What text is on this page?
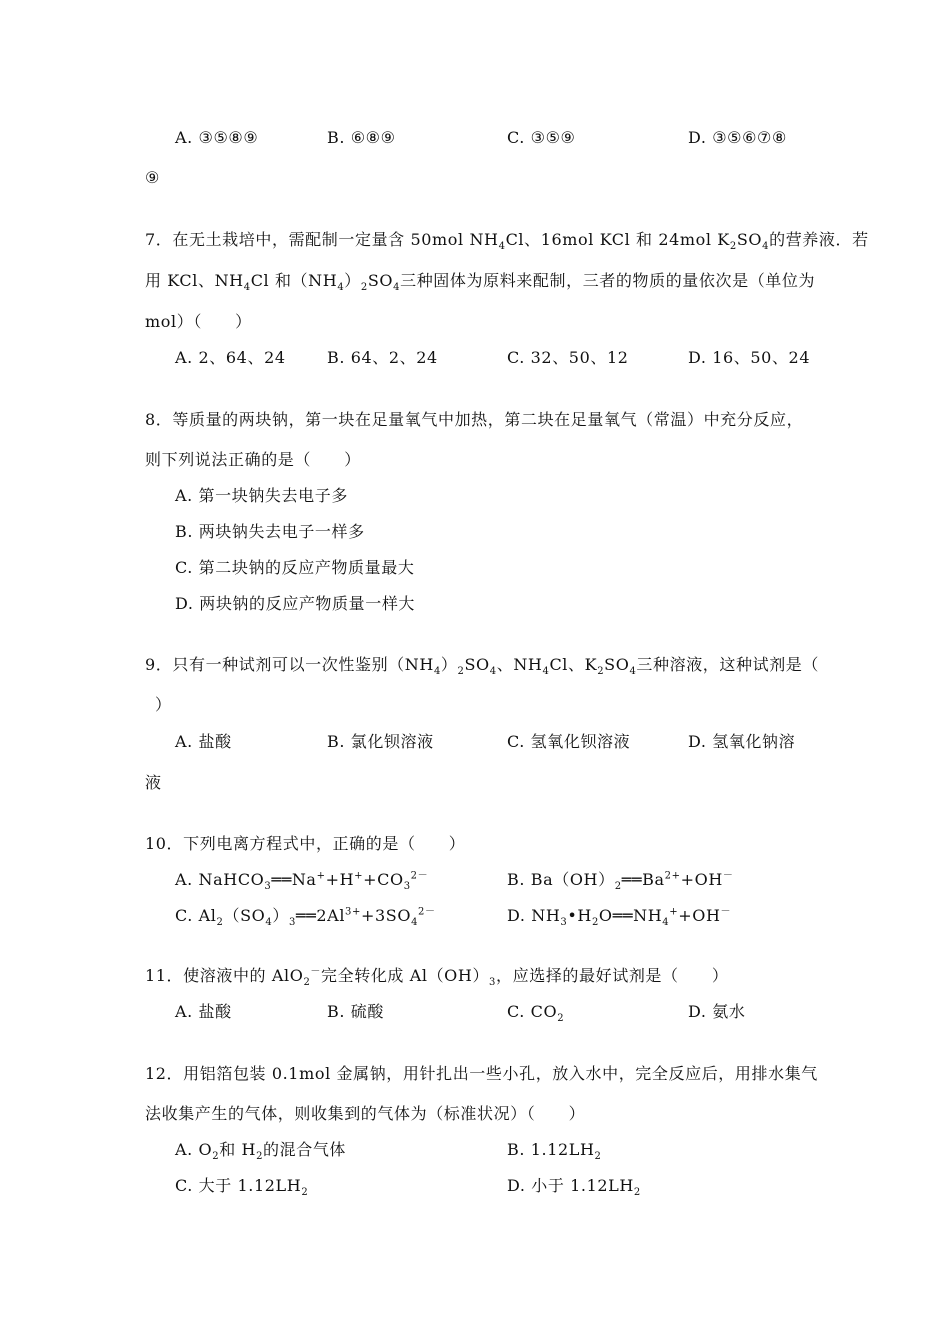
A. ③⑤⑧⑨	B. ⑥⑧⑨	C. ③⑤⑨	D. ③⑤⑥⑦⑧
⑨
7．在无土栽培中，需配制一定量含 50mol $NH_4Cl$、16mol KCl 和 24mol $K_2SO_4$的营养液．若
用 KCl、$NH_4Cl$ 和$(NH_4)_2SO_4$三种固体为原料来配制，三者的物质的量依次是（单位为
mol）（　　）
A. 2、64、24	B. 64、2、24	C. 32、50、12	D. 16、50、24
8．等质量的两块钠，第一块在足量氧气中加热，第二块在足量氧气（常温）中充分反应，
则下列说法正确的是（　　）
A. 第一块钠失去电子多
B. 两块钠失去电子一样多
C. 第二块钠的反应产物质量最大
D. 两块钠的反应产物质量一样大
9．只有一种试剂可以一次性鉴别$(NH_4)_2SO_4$、$NH_4Cl$、$K_2SO_4$三种溶液，这种试剂是（
）
A. 盐酸	B. 氯化钡溶液	C. 氢氧化钡溶液	D. 氢氧化钠溶
液
10．下列电离方程式中，正确的是（　　）
A. $NaHCO_3══Na^++H^++CO_3^{2-}$	B. $Ba(OH)_2══Ba^{2+}+OH^-$
C. $Al_2(SO_4)_3══2Al^{3+}+3SO_4^{2-}$	D. $NH_3•H_2O══NH_4^++OH^-$
11．使溶液中的 AlO$_2$－完全转化成 $Al(OH)_3$，应选择的最好试剂是（　　）
A. 盐酸	B. 硫酸	C. $CO_2$	D. 氨水
12．用铝箔包装 0.1mol 金属钠，用针扎出一些小孔，放入水中，完全反应后，用排水集气
法收集产生的气体，则收集到的气体为（标准状况）（　　）
A. $O_2$和 $H_2$的混合气体	B. $1.12LH_2$
C. 大于 $1.12LH_2$	D. 小于 $1.12LH_2$
